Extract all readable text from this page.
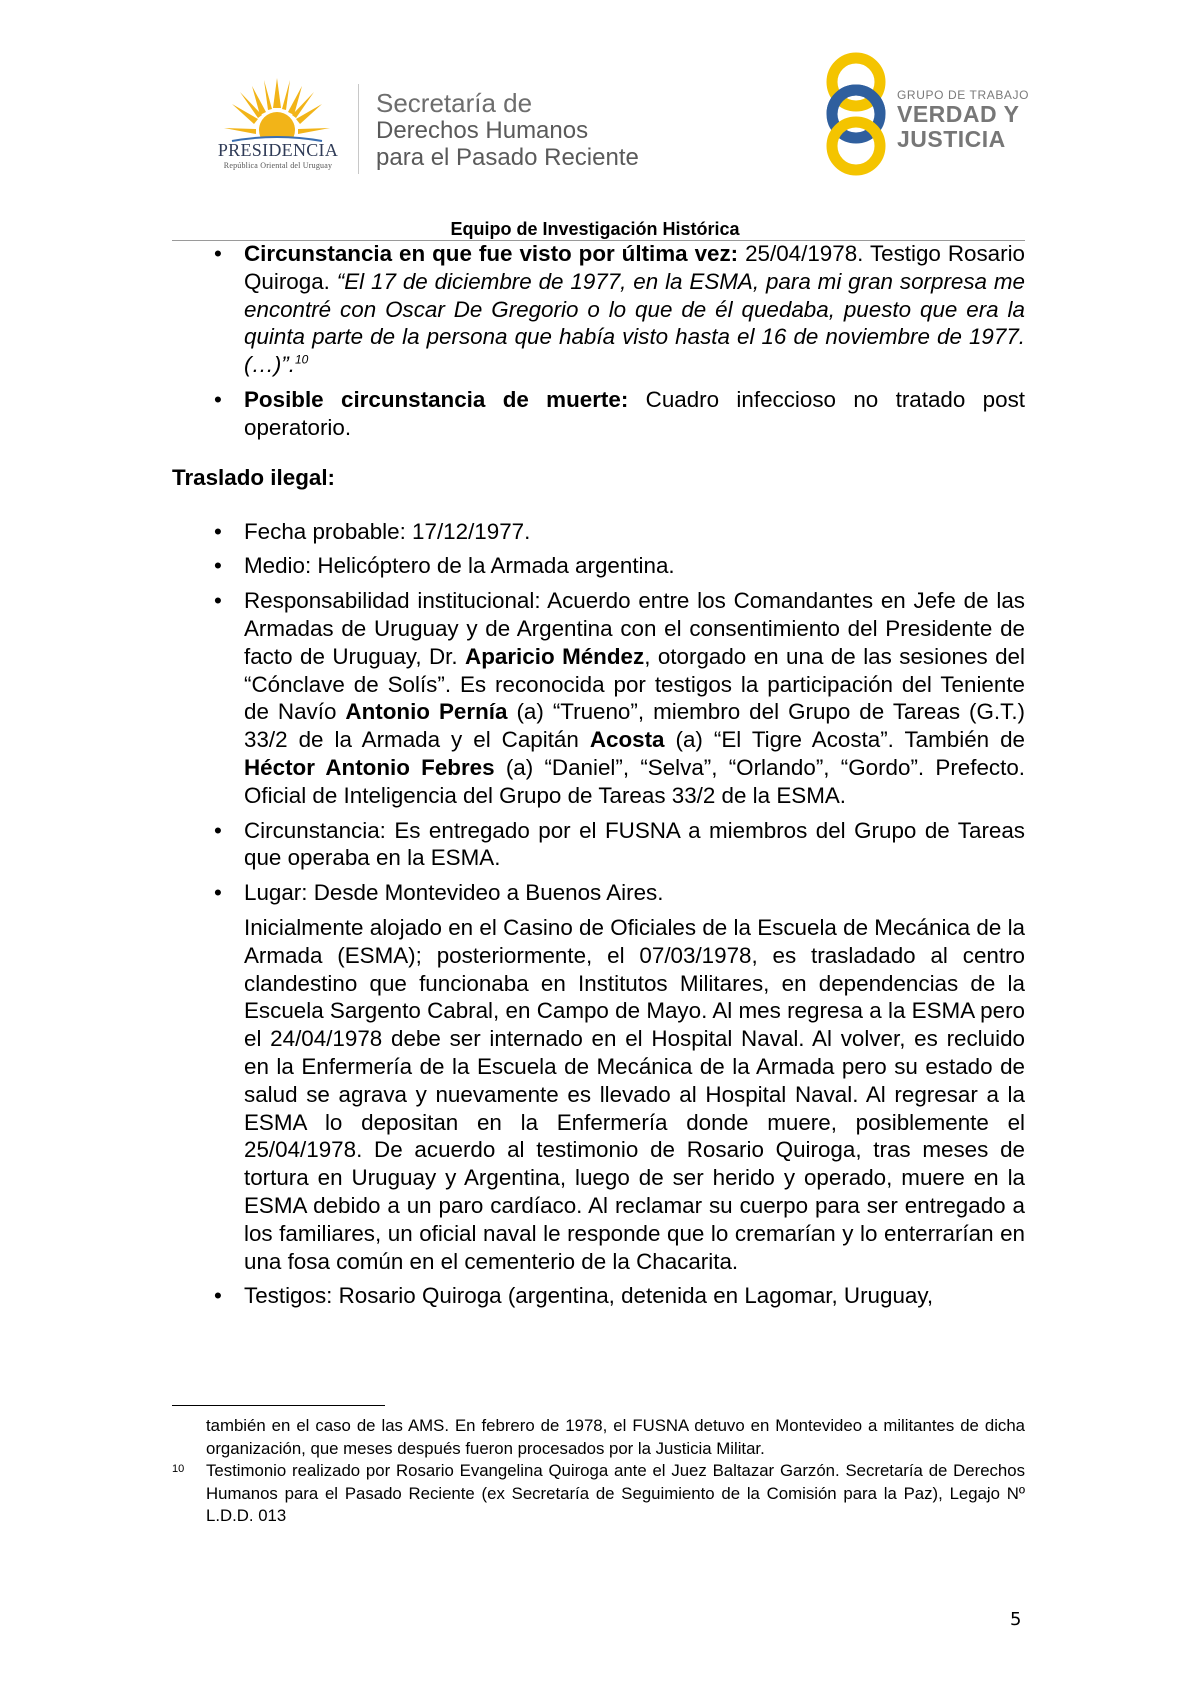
PRESIDENCIA
República Oriental del Uruguay
Secretaría de
Derechos Humanos
para el Pasado Reciente
GRUPO DE TRABAJO
VERDAD Y
JUSTICIA
Equipo de Investigación Histórica
• Circunstancia en que fue visto por última vez: 25/04/1978. Testigo Rosario Quiroga. “El 17 de diciembre de 1977, en la ESMA, para mi gran sorpresa me encontré con Oscar De Gregorio o lo que de él quedaba, puesto que era la quinta parte de la persona que había visto hasta el 16 de noviembre de 1977. (…)”.$^{10}$
• Posible circunstancia de muerte: Cuadro infeccioso no tratado post operatorio.
Traslado ilegal:
• Fecha probable: 17/12/1977.
• Medio: Helicóptero de la Armada argentina.
• Responsabilidad institucional: Acuerdo entre los Comandantes en Jefe de las Armadas de Uruguay y de Argentina con el consentimiento del Presidente de facto de Uruguay, Dr. Aparicio Méndez, otorgado en una de las sesiones del “Cónclave de Solís”. Es reconocida por testigos la participación del Teniente de Navío Antonio Pernía (a) “Trueno”, miembro del Grupo de Tareas (G.T.) 33/2 de la Armada y el Capitán Acosta (a) “El Tigre Acosta”. También de Héctor Antonio Febres (a) “Daniel”, “Selva”, “Orlando”, “Gordo”. Prefecto. Oficial de Inteligencia del Grupo de Tareas 33/2 de la ESMA.
• Circunstancia: Es entregado por el FUSNA a miembros del Grupo de Tareas que operaba en la ESMA.
• Lugar: Desde Montevideo a Buenos Aires.
Inicialmente alojado en el Casino de Oficiales de la Escuela de Mecánica de la Armada (ESMA); posteriormente, el 07/03/1978, es trasladado al centro clandestino que funcionaba en Institutos Militares, en dependencias de la Escuela Sargento Cabral, en Campo de Mayo. Al mes regresa a la ESMA pero el 24/04/1978 debe ser internado en el Hospital Naval. Al volver, es recluido en la Enfermería de la Escuela de Mecánica de la Armada pero su estado de salud se agrava y nuevamente es llevado al Hospital Naval. Al regresar a la ESMA lo depositan en la Enfermería donde muere, posiblemente el 25/04/1978. De acuerdo al testimonio de Rosario Quiroga, tras meses de tortura en Uruguay y Argentina, luego de ser herido y operado, muere en la ESMA debido a un paro cardíaco. Al reclamar su cuerpo para ser entregado a los familiares, un oficial naval le responde que lo cremarían y lo enterrarían en una fosa común en el cementerio de la Chacarita.
• Testigos: Rosario Quiroga (argentina, detenida en Lagomar, Uruguay,
también en el caso de las AMS. En febrero de 1978, el FUSNA detuvo en Montevideo a militantes de dicha organización, que meses después fueron procesados por la Justicia Militar.
10 Testimonio realizado por Rosario Evangelina Quiroga ante el Juez Baltazar Garzón. Secretaría de Derechos Humanos para el Pasado Reciente (ex Secretaría de Seguimiento de la Comisión para la Paz), Legajo Nº L.D.D. 013
5
